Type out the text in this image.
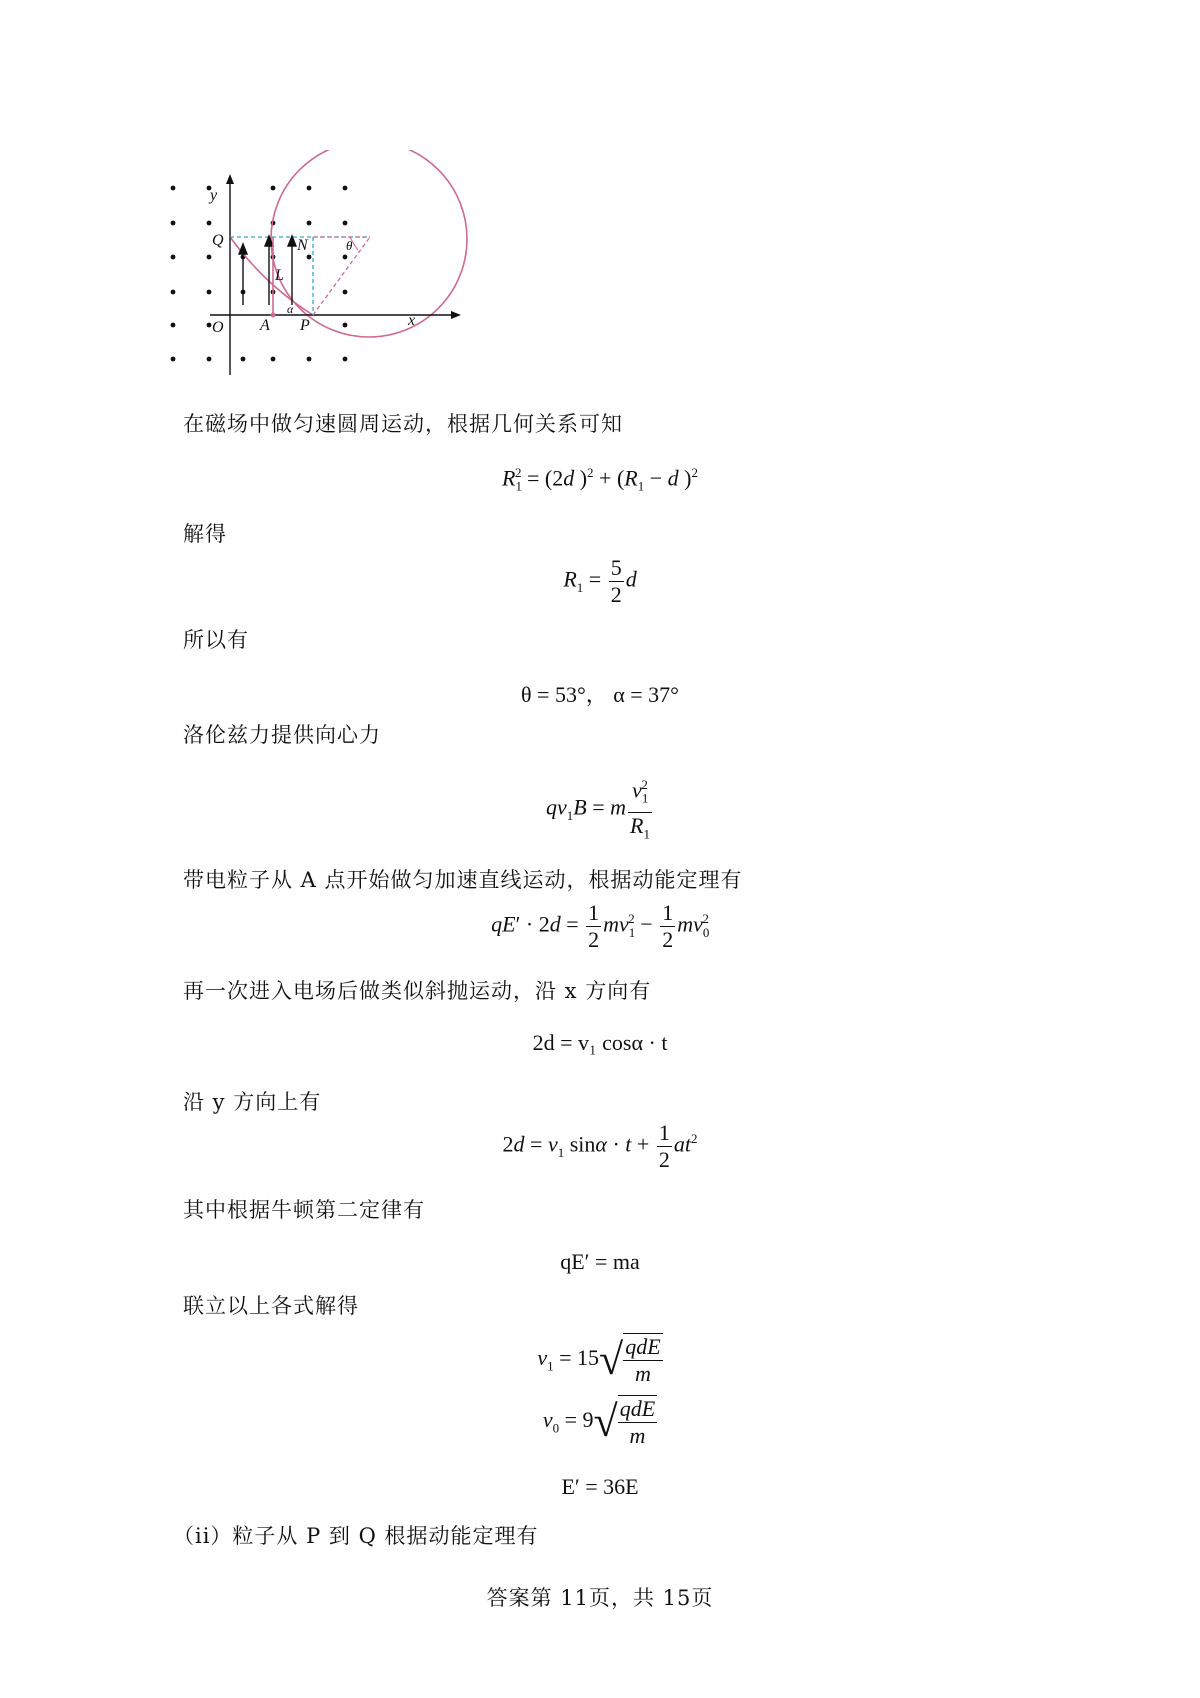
y
x
O
Q	N
A P
L
θ
α
在磁场中做匀速圆周运动，根据几何关系可知
$R_1^2 = (2d$ )$^2 + (R_1 - d$ )$^2$
解得
$R_1 = \frac{5}{2}$ d
所以有
θ = 53°， α = 37°
洛伦兹力提供向心力
$qv_1B = m \frac{v_1^2}{R_1}$
带电粒子从 A 点开始做匀加速直线运动，根据动能定理有
$qE' \cdot 2d = \frac{1}{2} mv_1^2 - \frac{1}{2} mv_0^2$
再一次进入电场后做类似斜抛运动，沿 x 方向有
2d = v₁ cosα · t
沿 y 方向上有
$2d = v_1$ $\sin\alpha \cdot t + \frac{1}{2} at^2$
其中根据牛顿第二定律有
qE′ = ma
联立以上各式解得
$v_1 = 15√ \frac{\text{qdE}}{m}$
$v_0 = 9√ \frac{\text{qdE}}{m}$
E′ = 36E
（ii）粒子从 P 到 Q 根据动能定理有
答案第 11页，共 15页
